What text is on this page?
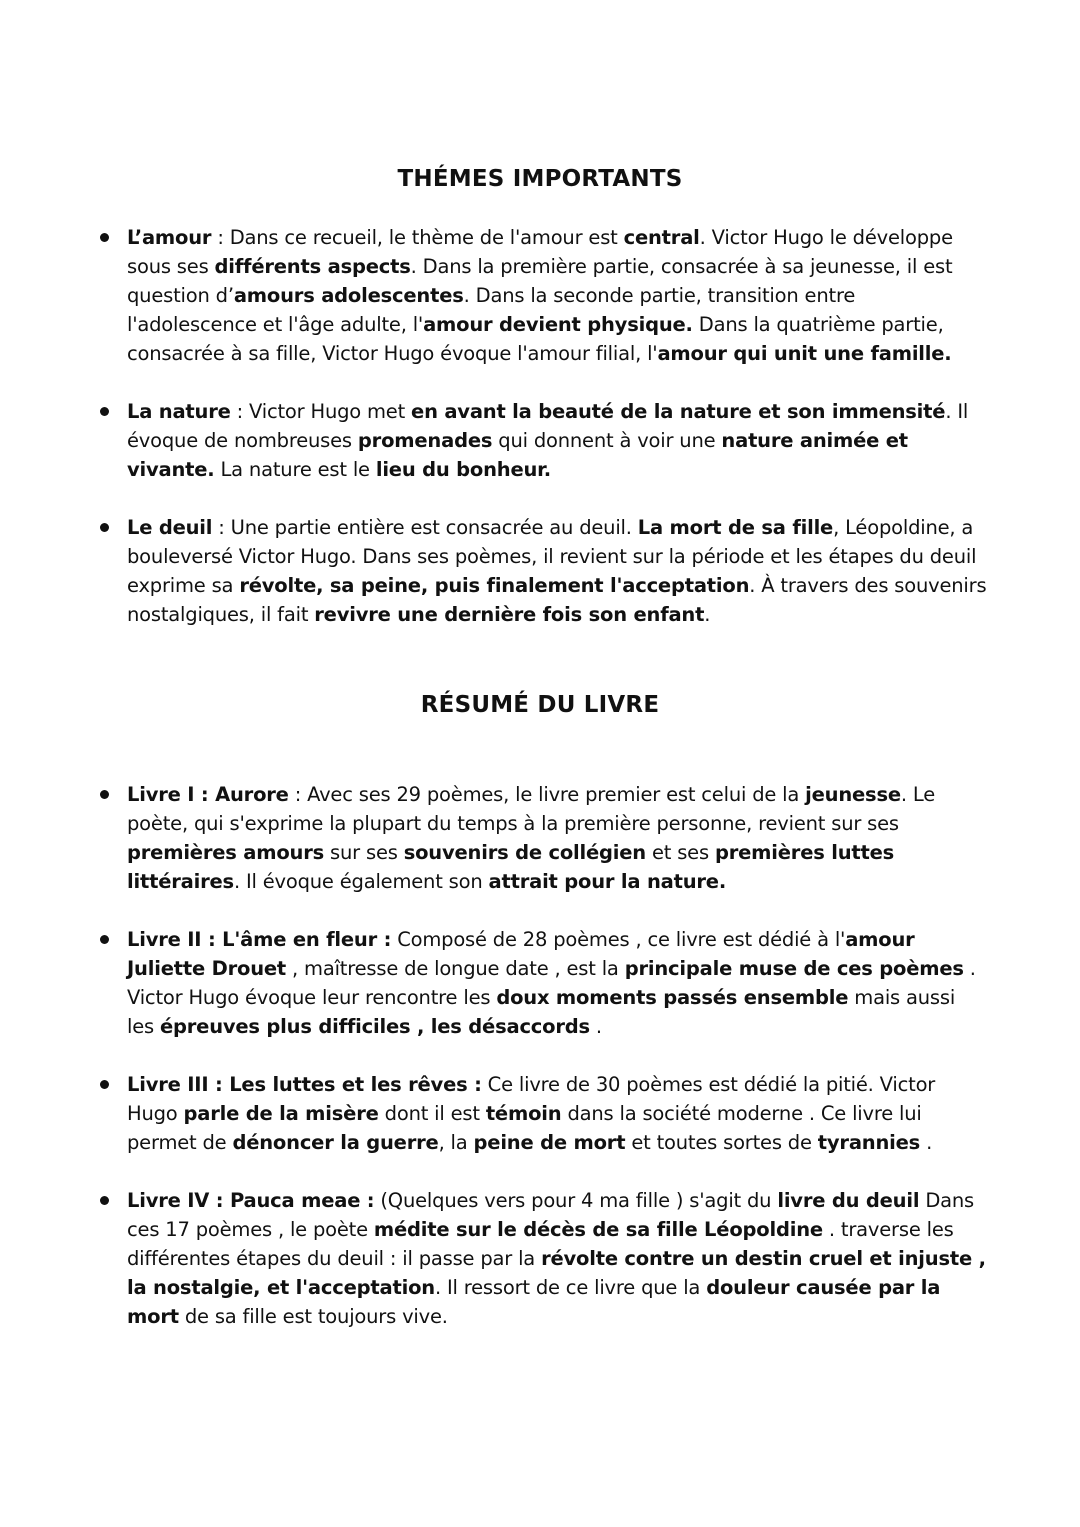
THÉMES IMPORTANTS
L’amour : Dans ce recueil, le thème de l'amour est central. Victor Hugo le développe sous ses différents aspects. Dans la première partie, consacrée à sa jeunesse, il est question d’amours adolescentes. Dans la seconde partie, transition entre l'adolescence et l'âge adulte, l'amour devient physique. Dans la quatrième partie, consacrée à sa fille, Victor Hugo évoque l'amour filial, l'amour qui unit une famille.
La nature : Victor Hugo met en avant la beauté de la nature et son immensité. Il évoque de nombreuses promenades qui donnent à voir une nature animée et vivante. La nature est le lieu du bonheur.
Le deuil : Une partie entière est consacrée au deuil. La mort de sa fille, Léopoldine, a bouleversé Victor Hugo. Dans ses poèmes, il revient sur la période et les étapes du deuil exprime sa révolte, sa peine, puis finalement l'acceptation. À travers des souvenirs nostalgiques, il fait revivre une dernière fois son enfant.
RÉSUMÉ DU LIVRE
Livre I : Aurore : Avec ses 29 poèmes, le livre premier est celui de la jeunesse. Le poète, qui s'exprime la plupart du temps à la première personne, revient sur ses premières amours sur ses souvenirs de collégien et ses premières luttes littéraires. Il évoque également son attrait pour la nature.
Livre II : L'âme en fleur : Composé de 28 poèmes , ce livre est dédié à l'amour Juliette Drouet , maîtresse de longue date , est la principale muse de ces poèmes . Victor Hugo évoque leur rencontre les doux moments passés ensemble mais aussi les épreuves plus difficiles , les désaccords .
Livre III : Les luttes et les rêves : Ce livre de 30 poèmes est dédié la pitié. Victor Hugo parle de la misère dont il est témoin dans la société moderne . Ce livre lui permet de dénoncer la guerre, la peine de mort et toutes sortes de tyrannies .
Livre IV : Pauca meae : (Quelques vers pour 4 ma fille ) s'agit du livre du deuil Dans ces 17 poèmes , le poète médite sur le décès de sa fille Léopoldine . traverse les différentes étapes du deuil : il passe par la révolte contre un destin cruel et injuste , la nostalgie, et l'acceptation. Il ressort de ce livre que la douleur causée par la mort de sa fille est toujours vive.
